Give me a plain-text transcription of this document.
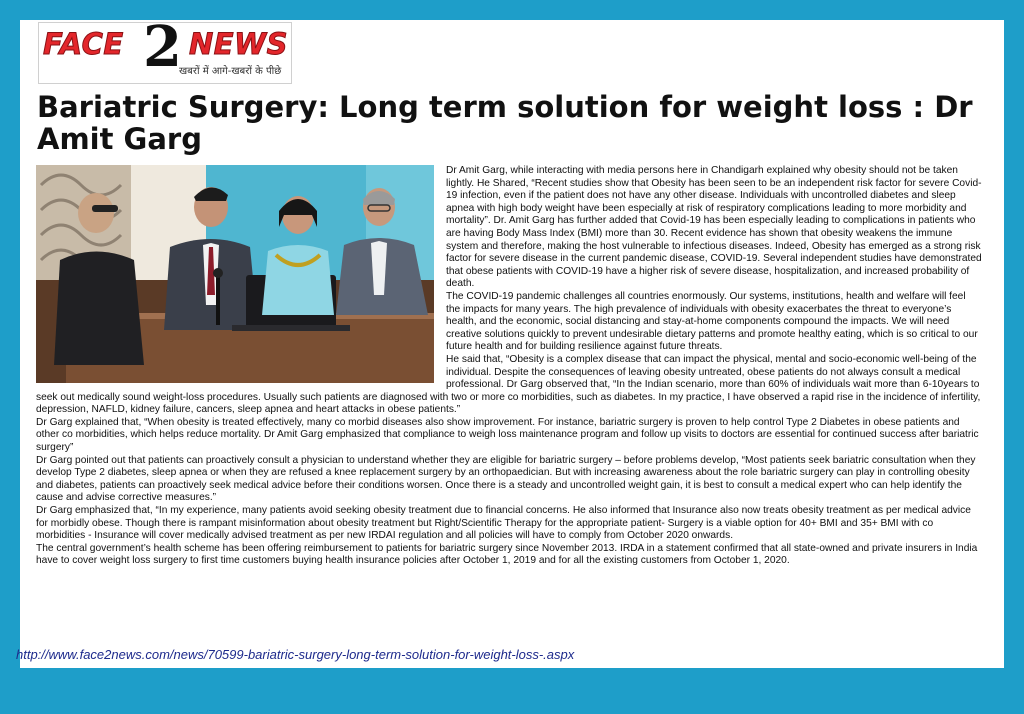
FACE 2 NEWS
खबरों में आगे-खबरों के पीछे
Bariatric Surgery: Long term solution for weight loss : Dr Amit Garg

Dr Amit Garg, while interacting with media persons here in Chandigarh explained why obesity should not be taken lightly. He Shared, “Recent studies show that Obesity has been seen to be an independent risk factor for severe Covid-19 infection, even if the patient does not have any other disease. Individuals with uncontrolled diabetes and sleep apnea with high body weight have been especially at risk of respiratory complications leading to more morbidity and mortality”. Dr. Amit Garg has further added that Covid-19 has been especially leading to complications in patients who are having Body Mass Index (BMI) more than 30. Recent evidence has shown that obesity weakens the immune system and therefore, making the host vulnerable to infectious diseases. Indeed, Obesity has emerged as a strong risk factor for severe disease in the current pandemic disease, COVID-19. Several independent studies have demonstrated that obese patients with COVID-19 have a higher risk of severe disease, hospitalization, and increased probability of death.

The COVID-19 pandemic challenges all countries enormously. Our systems, institutions, health and welfare will feel the impacts for many years. The high prevalence of individuals with obesity exacerbates the threat to everyone’s health, and the economic, social distancing and stay-at-home components compound the impacts. We will need creative solutions quickly to prevent undesirable dietary patterns and promote healthy eating, which is so critical to our future health and for building resilience against future threats.

He said that, “Obesity is a complex disease that can impact the physical, mental and socio-economic well-being of the individual. Despite the consequences of leaving obesity untreated, obese patients do not always consult a medical professional. Dr Garg observed that, “In the Indian scenario, more than 60% of individuals wait more than 6-10years to seek out medically sound weight-loss procedures. Usually such patients are diagnosed with two or more co morbidities, such as diabetes. In my practice, I have observed a rapid rise in the incidence of infertility, depression, NAFLD, kidney failure, cancers, sleep apnea and heart attacks in obese patients.”

Dr Garg explained that, “When obesity is treated effectively, many co morbid diseases also show improvement. For instance, bariatric surgery is proven to help control Type 2 Diabetes in obese patients and other co morbidities, which helps reduce mortality. Dr Amit Garg emphasized that compliance to weigh loss maintenance program and follow up visits to doctors are essential for continued success after bariatric surgery”

Dr Garg pointed out that patients can proactively consult a physician to understand whether they are eligible for bariatric surgery – before problems develop, “Most patients seek bariatric consultation when they develop Type 2 diabetes, sleep apnea or when they are refused a knee replacement surgery by an orthopaedician. But with increasing awareness about the role bariatric surgery can play in controlling obesity and diabetes, patients can proactively seek medical advice before their conditions worsen. Once there is a steady and uncontrolled weight gain, it is best to consult a medical expert who can help identify the cause and advise corrective measures.”

Dr Garg emphasized that, “In my experience, many patients avoid seeking obesity treatment due to financial concerns. He also informed that Insurance also now treats obesity treatment as per medical advice for morbidly obese. Though there is rampant misinformation about obesity treatment but Right/Scientific Therapy for the appropriate patient- Surgery is a viable option for 40+ BMI and 35+ BMI with co morbidities - Insurance will cover medically advised treatment as per new IRDAI regulation and all policies will have to comply from October 2020 onwards.

The central government’s health scheme has been offering reimbursement to patients for bariatric surgery since November 2013. IRDA in a statement confirmed that all state-owned and private insurers in India have to cover weight loss surgery to first time customers buying health insurance policies after October 1, 2019 and for all the existing customers from October 1, 2020.

http://www.face2news.com/news/70599-bariatric-surgery-long-term-solution-for-weight-loss-.aspx
